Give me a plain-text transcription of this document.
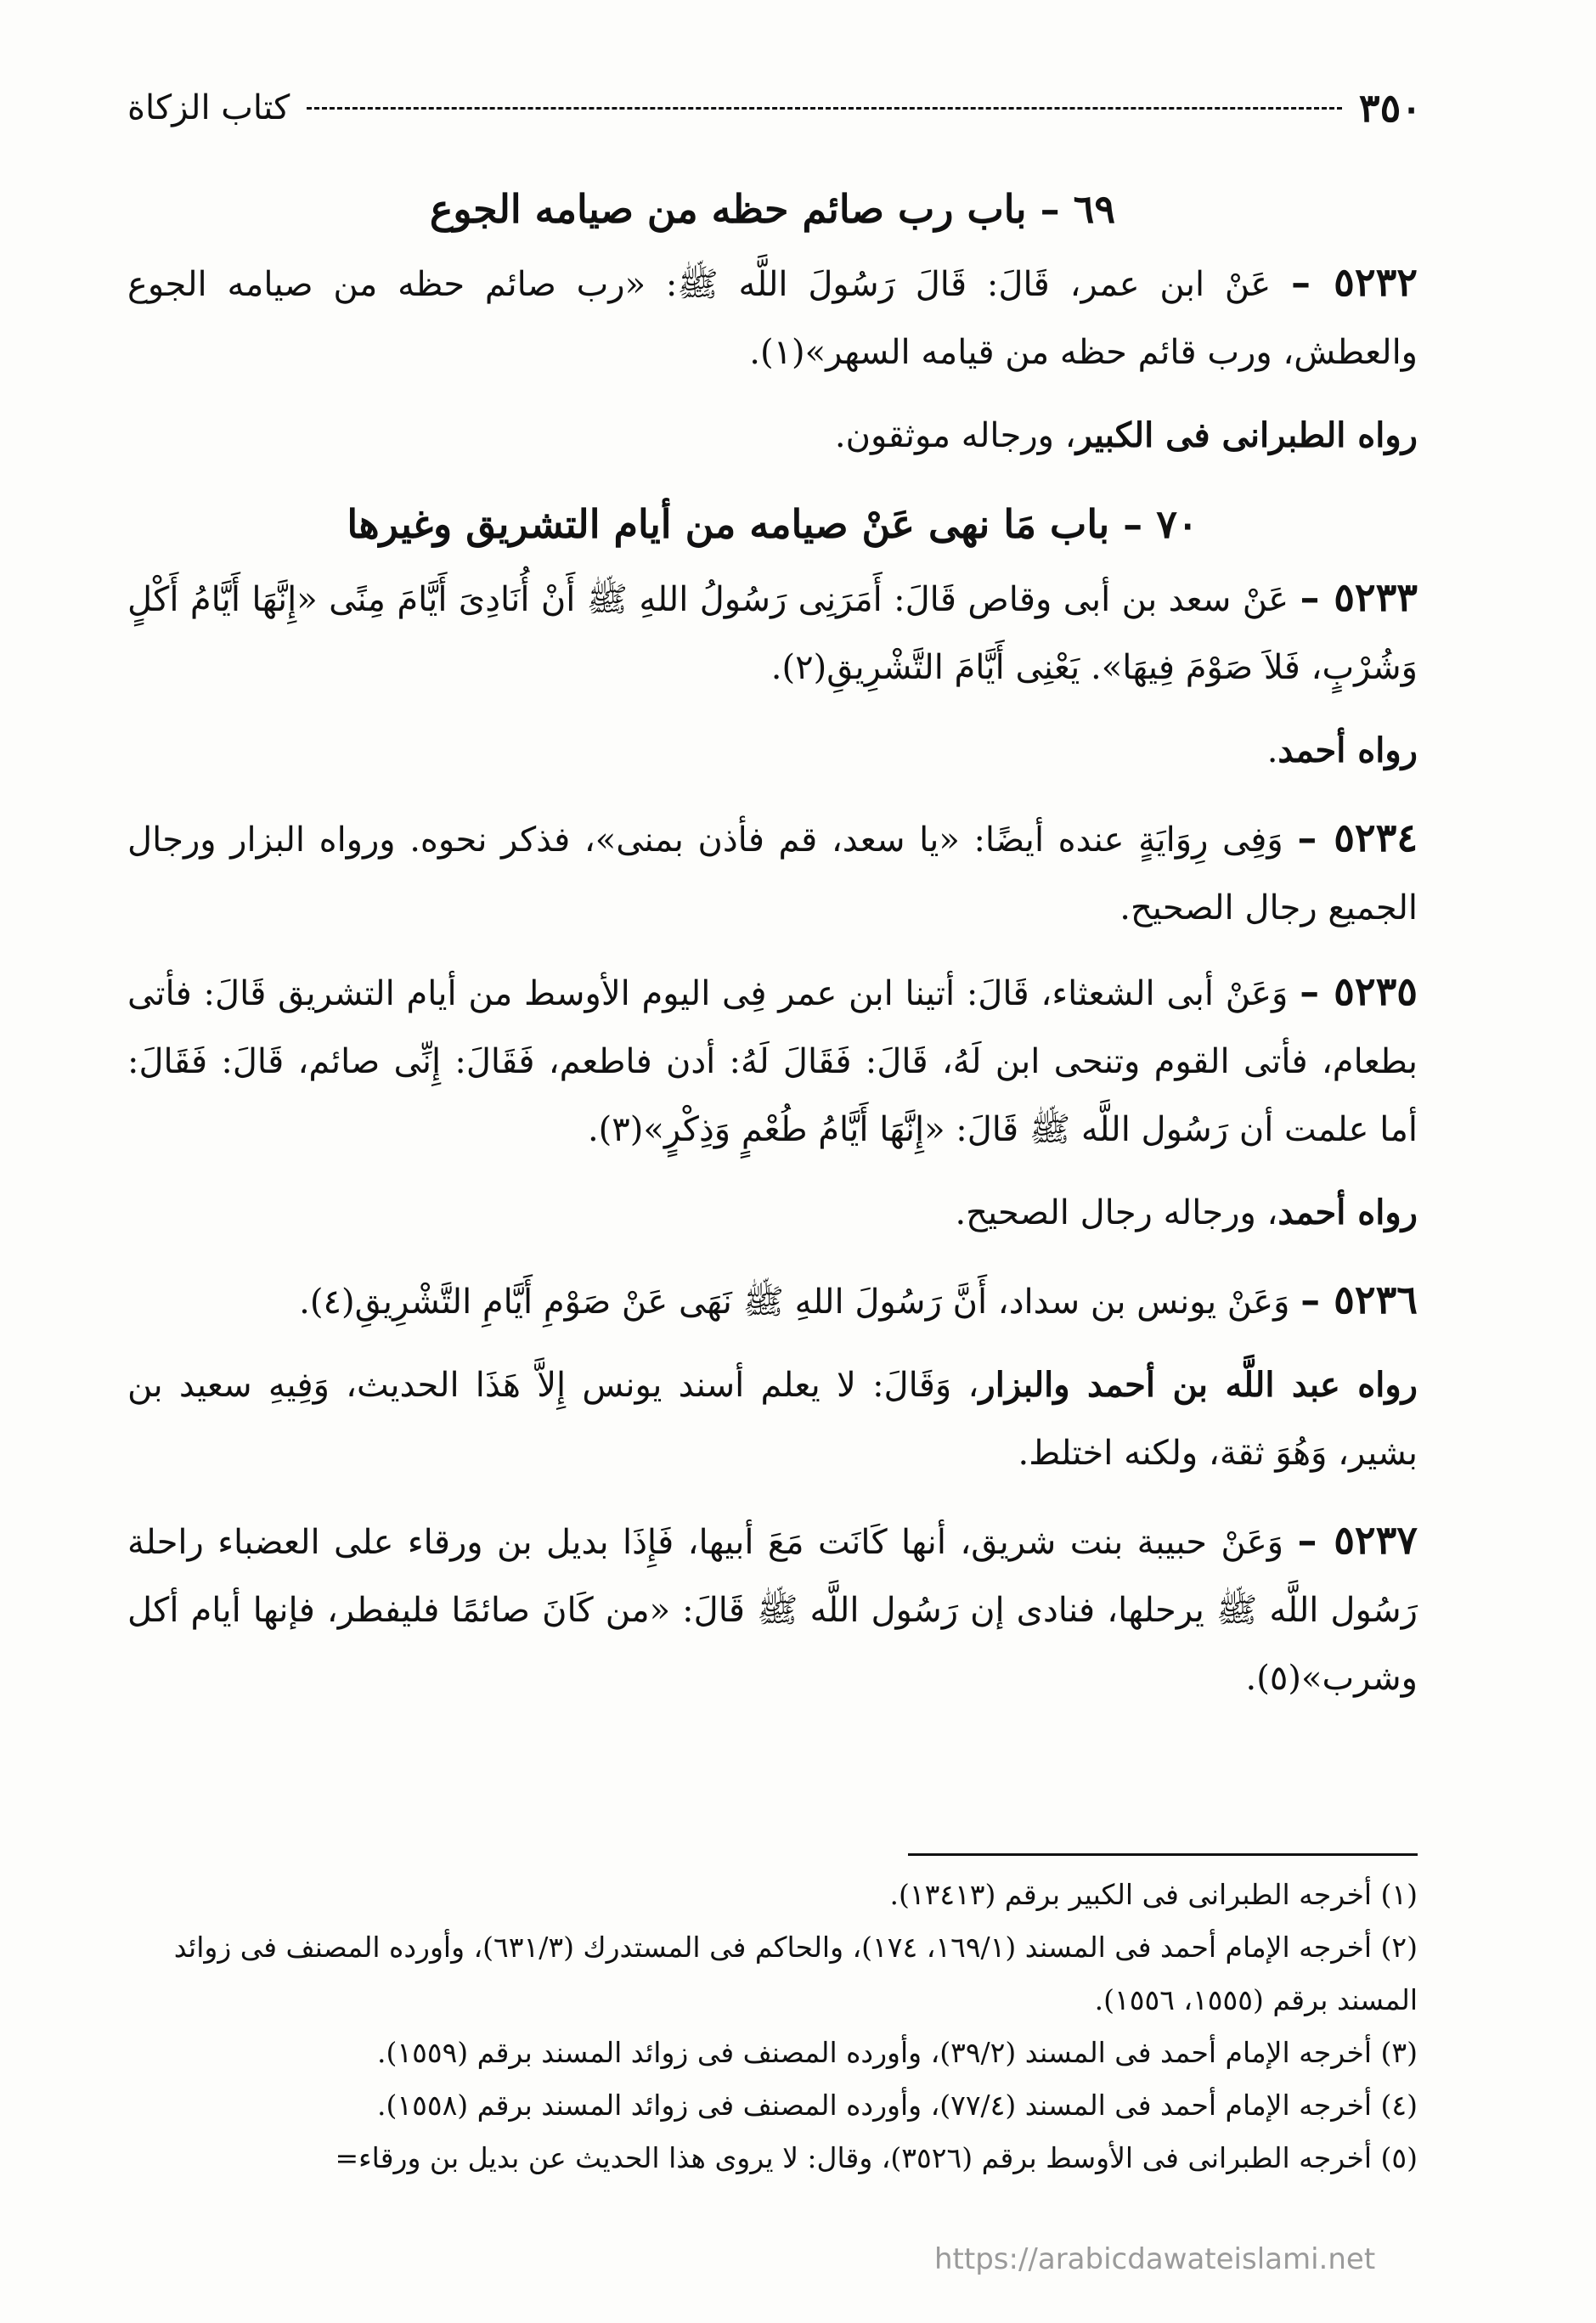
٣٥٠
كتاب الزكاة
٦٩ – باب رب صائم حظه من صيامه الجوع

٥٢٣٢ – عَنْ ابن عمر، قَالَ: قَالَ رَسُولَ اللَّه ﷺ: «رب صائم حظه من صيامه الجوع والعطش، ورب قائم حظه من قيامه السهر»(١).

رواه الطبرانى فى الكبير، ورجاله موثقون.

٧٠ – باب مَا نهى عَنْ صيامه من أيام التشريق وغيرها

٥٢٣٣ – عَنْ سعد بن أبى وقاص قَالَ: أَمَرَنِى رَسُولُ اللهِ ﷺ أَنْ أُنَادِىَ أَيَّامَ مِنًى «إِنَّهَا أَيَّامُ أَكْلٍ وَشُرْبٍ، فَلاَ صَوْمَ فِيهَا». يَعْنِى أَيَّامَ التَّشْرِيقِ(٢).

رواه أحمد.

٥٢٣٤ – وَفِى رِوَايَةٍ عنده أيضًا: «يا سعد، قم فأذن بمنى»، فذكر نحوه. ورواه البزار ورجال الجميع رجال الصحيح.

٥٢٣٥ – وَعَنْ أبى الشعثاء، قَالَ: أتينا ابن عمر فِى اليوم الأوسط من أيام التشريق قَالَ: فأتى بطعام، فأتى القوم وتنحى ابن لَهُ، قَالَ: فَقَالَ لَهُ: أدن فاطعم، فَقَالَ: إِنِّى صائم، قَالَ: فَقَالَ: أما علمت أن رَسُول اللَّه ﷺ قَالَ: «إِنَّهَا أَيَّامُ طُعْمٍ وَذِكْرٍ»(٣).

رواه أحمد، ورجاله رجال الصحيح.

٥٢٣٦ – وَعَنْ يونس بن سداد، أَنَّ رَسُولَ اللهِ ﷺ نَهَى عَنْ صَوْمِ أَيَّامِ التَّشْرِيقِ(٤).

رواه عبد اللَّه بن أحمد والبزار، وَقَالَ: لا يعلم أسند يونس إِلاَّ هَذَا الحديث، وَفِيهِ سعيد بن بشير، وَهُوَ ثقة، ولكنه اختلط.

٥٢٣٧ – وَعَنْ حبيبة بنت شريق، أنها كَانَت مَعَ أبيها، فَإِذَا بديل بن ورقاء على العضباء راحلة رَسُول اللَّه ﷺ يرحلها، فنادى إن رَسُول اللَّه ﷺ قَالَ: «من كَانَ صائمًا فليفطر، فإنها أيام أكل وشرب»(٥).

(١) أخرجه الطبرانى فى الكبير برقم (١٣٤١٣).

(٢) أخرجه الإمام أحمد فى المسند (١٦٩/١، ١٧٤)، والحاكم فى المستدرك (٦٣١/٣)، وأورده المصنف فى زوائد المسند برقم (١٥٥٥، ١٥٥٦).

(٣) أخرجه الإمام أحمد فى المسند (٣٩/٢)، وأورده المصنف فى زوائد المسند برقم (١٥٥٩).

(٤) أخرجه الإمام أحمد فى المسند (٧٧/٤)، وأورده المصنف فى زوائد المسند برقم (١٥٥٨).

(٥) أخرجه الطبرانى فى الأوسط برقم (٣٥٢٦)، وقال: لا يروى هذا الحديث عن بديل بن ورقاء=

https://arabicdawateislami.net
